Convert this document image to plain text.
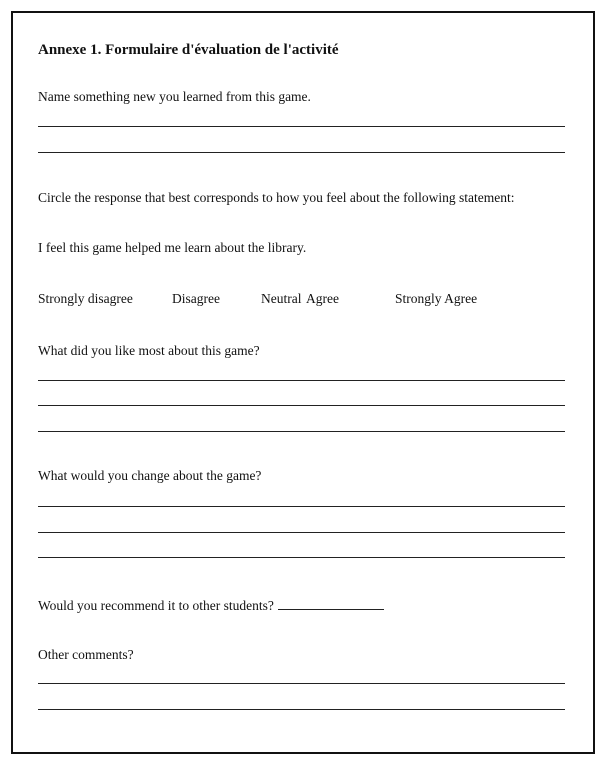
Annexe 1. Formulaire d'évaluation de l'activité
Name something new you learned from this game.
Circle the response that best corresponds to how you feel about the following statement:
I feel this game helped me learn about the library.
Strongly disagree	Disagree	Neutral Agree	Strongly Agree
What did you like most about this game?
What would you change about the game?
Would you recommend it to other students?
Other comments?
